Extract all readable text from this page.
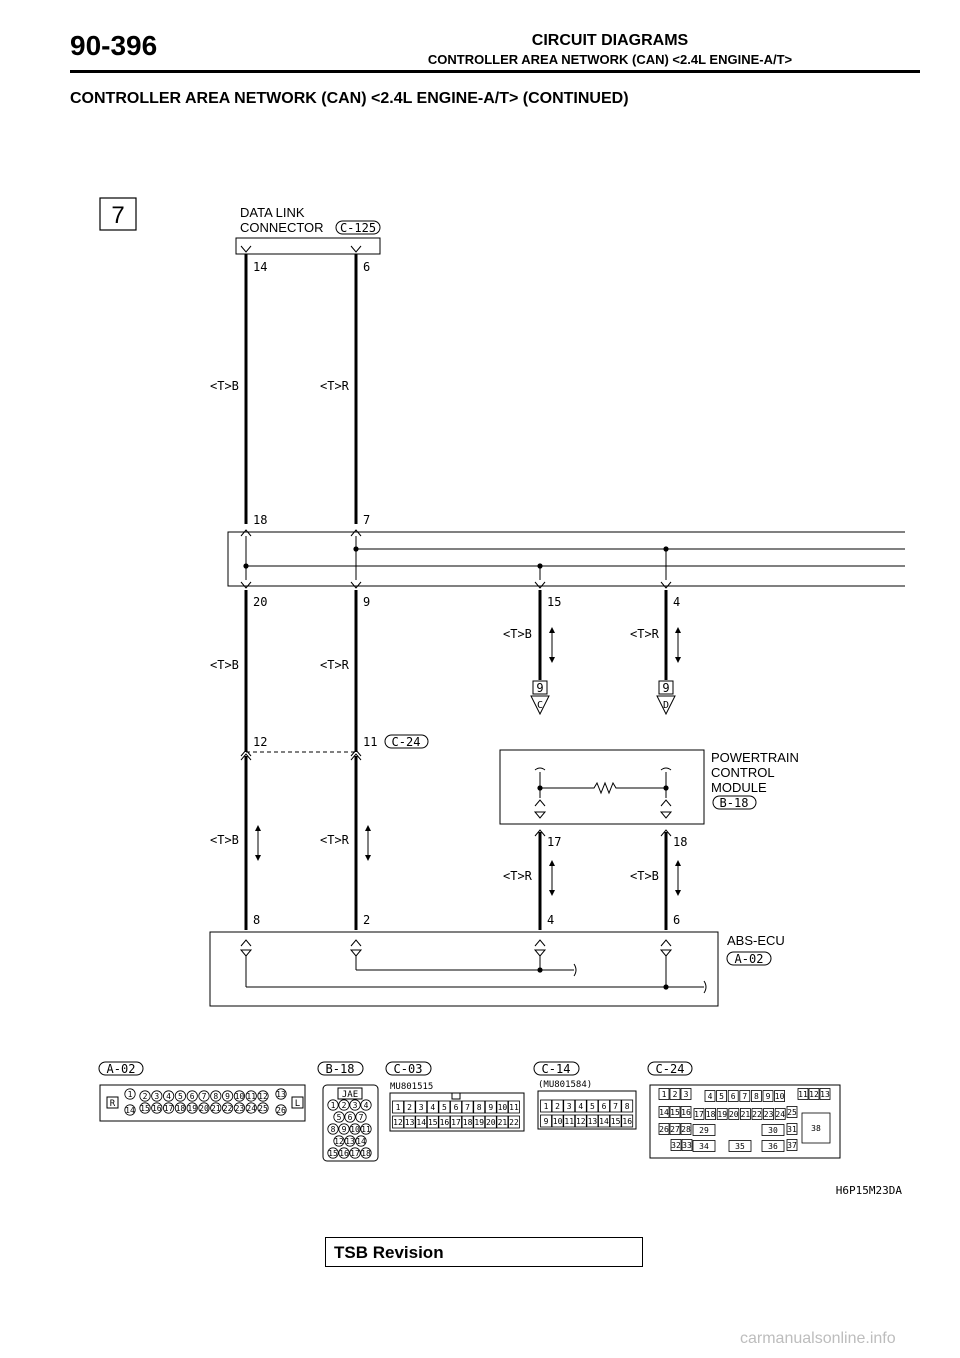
90-396	CIRCUIT DIAGRAMS
CONTROLLER AREA NETWORK (CAN) <2.4L ENGINE-A/T>
CONTROLLER AREA NETWORK (CAN) <2.4L ENGINE-A/T> (CONTINUED)
7	DATA LINK
CONNECTOR C-125
14	6
<T>B	<T>R
18	7
20	9	15	4
<T>B	<T>R
<T>B	<T>R
9
C
9
D
12	11 C-24
<T>B	<T>R
POWERTRAIN
CONTROL
MODULE
B-18
17	18
<T>R	<T>B
8	2	4	6
ABS-ECU
A-02
A-02
R	L
1 2 3 4 5 6 7 8 9 10 11 12 13
14 15 16 17 18 19 20 21 22 23 24 25 26
B-18
JAE
1 2 3 4
5 6 7
8 9 10 11
12 13 14
15 16 17 18
C-03
MU801515
1 2 3 4 5 6 7 8 9 10 11
12 13 14 15 16 17 18 19 20 21 22
C-14
(MU801584)
1 2 3 4 5 6 7 8
9 10 11 12 13 14 15 16
C-24
1 2 3 4 5 6 7 8 9 10 11 12 13
14 15 16 17 18 19 20 21 22 23 24 25
26 27 28 29	30 31
32 33 34	35	36 37
38
H6P15M23DA
TSB Revision
carmanualsonline.info
